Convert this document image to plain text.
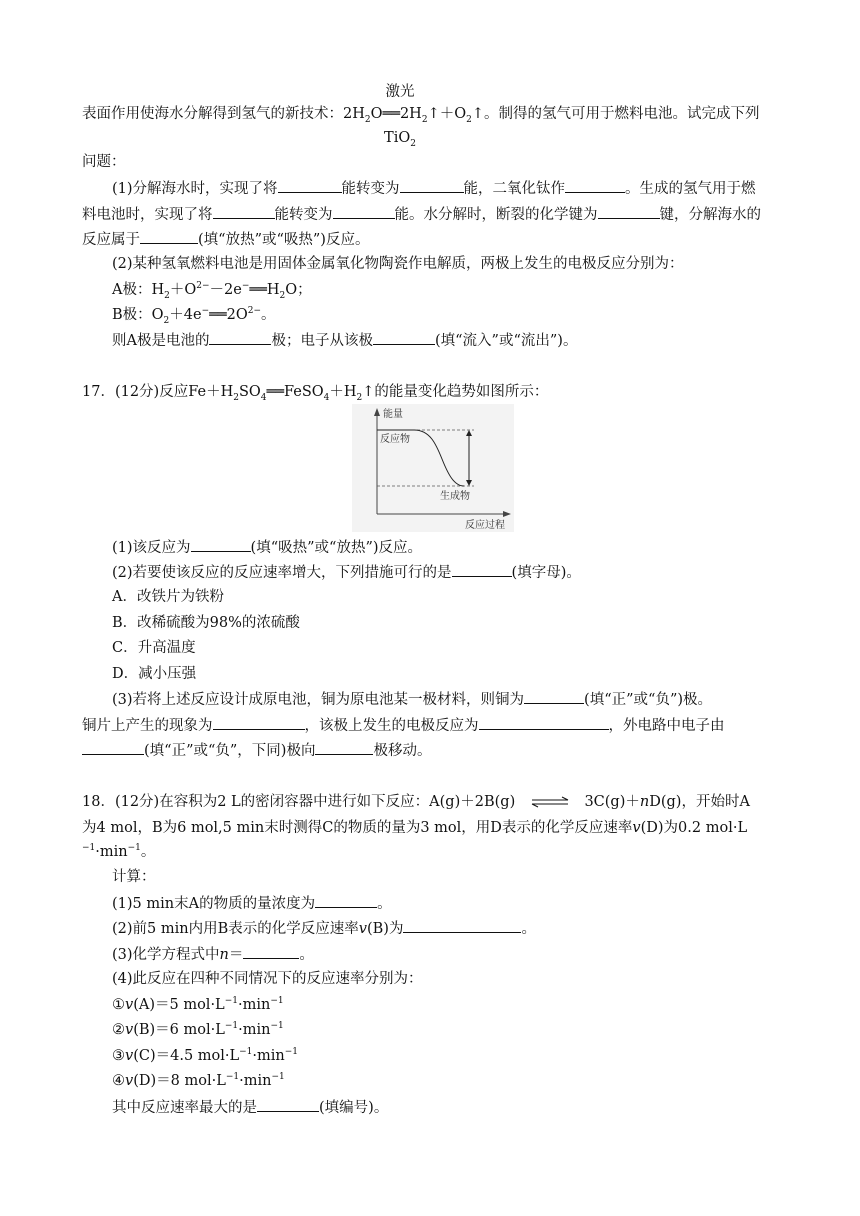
激光
表面作用使海水分解得到氢气的新技术：$2H_2O══2H_2↑+O_2↑$。制得的氢气可用于燃料电池。试完成下列
TiO$_2$
问题：
(1)分解海水时，实现了将	能转变为	能，二氧化钛作	。生成的氢气用于燃
料电池时，实现了将	能转变为	能。水分解时，断裂的化学键为	键，分解海水的
反应属于	(填“放热”或“吸热”)反应。
(2)某种氢氧燃料电池是用固体金属氧化物陶瓷作电解质，两极上发生的电极反应分别为：
A极：$H_2+O^{2-}-2e^-══H_2O$；
B极：$O_2+4e^-══2O^{2-}$。
则A极是电池的	极；电子从该极	(填“流入”或“流出”)。
17．(12分)反应$Fe+H_2SO_4══FeSO_4+H_2↑$的能量变化趋势如图所示：
能量
反应物
生成物
反应过程
(1)该反应为	(填“吸热”或“放热”)反应。
(2)若要使该反应的反应速率增大，下列措施可行的是	(填字母)。
A．改铁片为铁粉
B．改稀硫酸为98%的浓硫酸
C．升高温度
D．减小压强
(3)若将上述反应设计成原电池，铜为原电池某一极材料，则铜为	(填“正”或“负”)极。
铜片上产生的现象为	，该极上发生的电极反应为	，外电路中电子由
(填“正”或“负”，下同)极向	极移动。
18．(12分)在容积为2 L的密闭容器中进行如下反应：A(g)＋2B(g) ⇌ 3C(g)＋nD(g)，开始时A
为4 mol，B为6 mol,5 min末时测得C的物质的量为3 mol，用D表示的化学反应速率v(D)为0.2 mol·L
$^{-1}\cdot\min^{-1}$。
计算：
(1)5 min末A的物质的量浓度为	。
(2)前5 min内用B表示的化学反应速率v(B)为	。
(3)化学方程式中n＝	。
(4)此反应在四种不同情况下的反应速率分别为：
①v(A)＝5 $mol\cdot L^{-1}\cdot\min^{-1}$
②v(B)＝6 $mol\cdot L^{-1}\cdot\min^{-1}$
③v(C)＝4.5 $mol\cdot L^{-1}\cdot\min^{-1}$
④v(D)＝8 $mol\cdot L^{-1}\cdot\min^{-1}$
其中反应速率最大的是	(填编号)。
